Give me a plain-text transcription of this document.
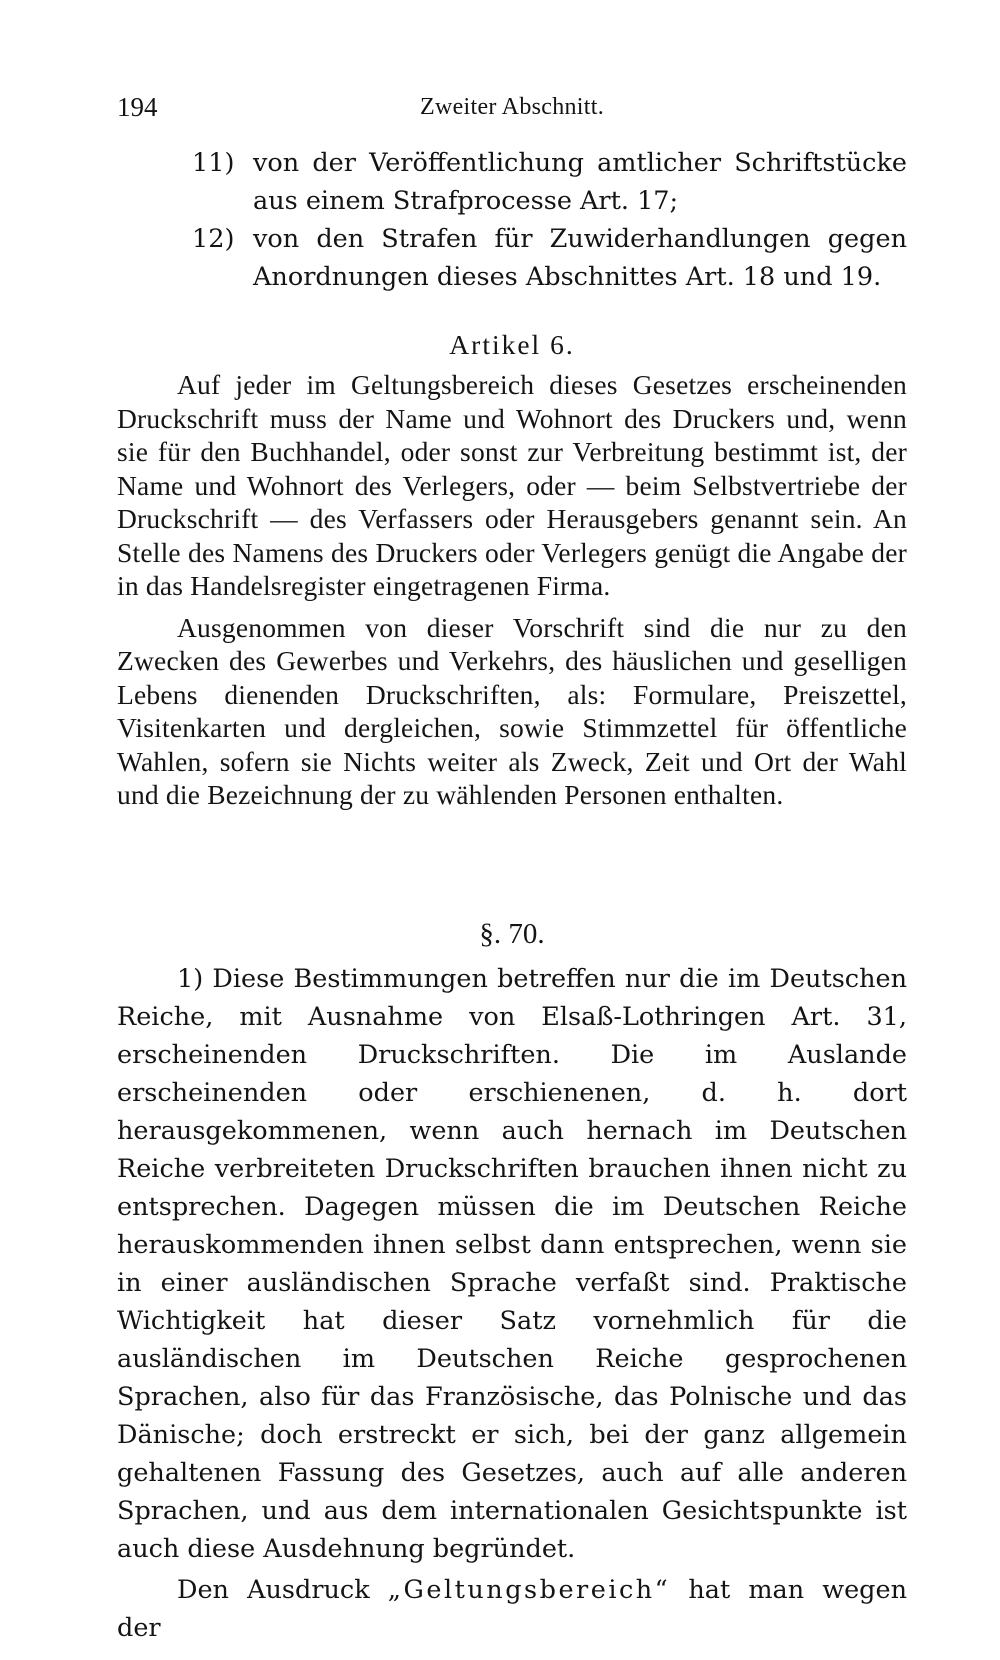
194	Zweiter Abschnitt.
11) von der Veröffentlichung amtlicher Schriftstücke aus einem Strafprocesse Art. 17;
12) von den Strafen für Zuwiderhandlungen gegen Anordnungen dieses Abschnittes Art. 18 und 19.
Artikel 6.

Auf jeder im Geltungsbereich dieses Gesetzes erscheinenden Druckschrift muss der Name und Wohnort des Druckers und, wenn sie für den Buchhandel, oder sonst zur Verbreitung bestimmt ist, der Name und Wohnort des Verlegers, oder — beim Selbstvertriebe der Druckschrift — des Verfassers oder Herausgebers genannt sein. An Stelle des Namens des Druckers oder Verlegers genügt die Angabe der in das Handelsregister eingetragenen Firma.

Ausgenommen von dieser Vorschrift sind die nur zu den Zwecken des Gewerbes und Verkehrs, des häuslichen und geselligen Lebens dienenden Druckschriften, als: Formulare, Preiszettel, Visitenkarten und dergleichen, sowie Stimmzettel für öffentliche Wahlen, sofern sie Nichts weiter als Zweck, Zeit und Ort der Wahl und die Bezeichnung der zu wählenden Personen enthalten.

§. 70.

1) Diese Bestimmungen betreffen nur die im Deutschen Reiche, mit Ausnahme von Elsaß-Lothringen Art. 31, erscheinenden Druckschriften. Die im Auslande erscheinenden oder erschienenen, d. h. dort herausgekommenen, wenn auch hernach im Deutschen Reiche verbreiteten Druckschriften brauchen ihnen nicht zu entsprechen. Dagegen müssen die im Deutschen Reiche herauskommenden ihnen selbst dann entsprechen, wenn sie in einer ausländischen Sprache verfaßt sind. Praktische Wichtigkeit hat dieser Satz vornehmlich für die ausländischen im Deutschen Reiche gesprochenen Sprachen, also für das Französische, das Polnische und das Dänische; doch erstreckt er sich, bei der ganz allgemein gehaltenen Fassung des Gesetzes, auch auf alle anderen Sprachen, und aus dem internationalen Gesichtspunkte ist auch diese Ausdehnung begründet.

Den Ausdruck „Geltungsbereich“ hat man wegen der
